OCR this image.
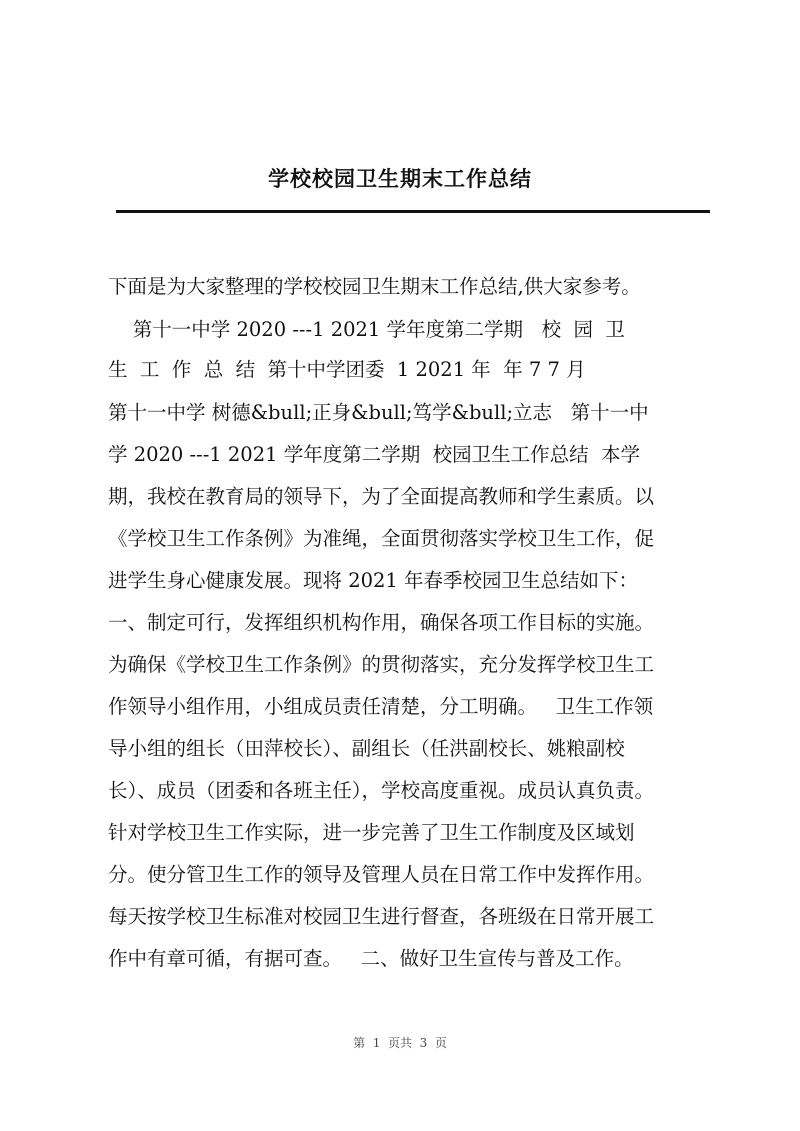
学校校园卫生期末工作总结
下面是为大家整理的学校校园卫生期末工作总结,供大家参考。
第十一中学 2020 ---1 2021 学年度第二学期   校  园  卫
生  工  作  总  结  第十中学团委  1 2021 年  年 7 7 月
第十一中学 树德&bull;正身&bull;笃学&bull;立志   第十一中
学 2020 ---1 2021 学年度第二学期  校园卫生工作总结  本学
期，我校在教育局的领导下，为了全面提高教师和学生素质。以
《学校卫生工作条例》为准绳，全面贯彻落实学校卫生工作，促
进学生身心健康发展。现将 2021 年春季校园卫生总结如下：
一、制定可行，发挥组织机构作用，确保各项工作目标的实施。
为确保《学校卫生工作条例》的贯彻落实，充分发挥学校卫生工
作领导小组作用，小组成员责任清楚，分工明确。   卫生工作领
导小组的组长（田萍校长）、副组长（任洪副校长、姚粮副校
长）、成员（团委和各班主任），学校高度重视。成员认真负责。
针对学校卫生工作实际，进一步完善了卫生工作制度及区域划
分。使分管卫生工作的领导及管理人员在日常工作中发挥作用。
每天按学校卫生标准对校园卫生进行督查，各班级在日常开展工
作中有章可循，有据可查。   二、做好卫生宣传与普及工作。
第  1  页共  3  页
